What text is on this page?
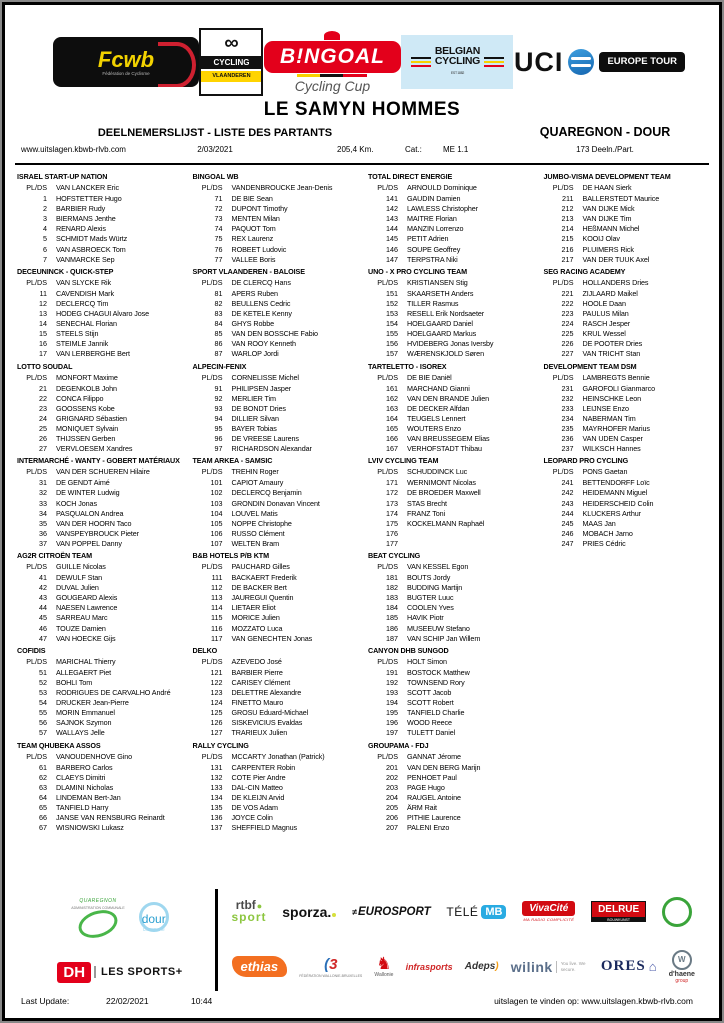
Fcwb
Fédération de Cyclisme
∞
CYCLING
VLAANDEREN
B!NGOAL
Cycling Cup
BELGIAN
CYCLING
EST 1882	UCI	EUROPE TOUR
LE SAMYN HOMMES
DEELNEMERSLIJST - LISTE DES PARTANTS	QUAREGNON - DOUR
www.uitslagen.kbwb-rlvb.com	2/03/2021	205,4 Km.	Cat.:	ME 1.1	173 Deeln./Part.
ISRAEL START-UP NATION
PL/DS VAN LANCKER Eric
1 HOFSTETTER Hugo
2 BARBIER Rudy
3 BIERMANS Jenthe
4 RENARD Alexis
5 SCHMIDT Mads Würtz
6 VAN ASBROECK Tom
7 VANMARCKE Sep
DECEUNINCK - QUICK-STEP
PL/DS VAN SLYCKE Rik
11 CAVENDISH Mark
12 DECLERCQ Tim
13 HODEG CHAGUI Alvaro Jose
14 SENECHAL Florian
15 STEELS Stijn
16 STEIMLE Jannik
17 VAN LERBERGHE Bert
LOTTO SOUDAL
PL/DS MONFORT Maxime
21 DEGENKOLB John
22 CONCA Filippo
23 GOOSSENS Kobe
24 GRIGNARD Sébastien
25 MONIQUET Sylvain
26 THIJSSEN Gerben
27 VERVLOESEM Xandres
INTERMARCHÉ - WANTY - GOBERT MATÉRIAUX
PL/DS VAN DER SCHUEREN Hilaire
31 DE GENDT Aimé
32 DE WINTER Ludwig
33 KOCH Jonas
34 PASQUALON Andrea
35 VAN DER HOORN Taco
36 VANSPEYBROUCK Pieter
37 VAN POPPEL Danny
AG2R CITROËN TEAM
PL/DS GUILLE Nicolas
41 DEWULF Stan
42 DUVAL Julien
43 GOUGEARD Alexis
44 NAESEN Lawrence
45 SARREAU Marc
46 TOUZE Damien
47 VAN HOECKE Gijs
COFIDIS
PL/DS MARICHAL Thierry
51 ALLEGAERT Piet
52 BOHLI Tom
53 RODRIGUES DE CARVALHO André
54 DRUCKER Jean-Pierre
55 MORIN Emmanuel
56 SAJNOK Szymon
57 WALLAYS Jelle
TEAM QHUBEKA ASSOS
PL/DS VANOUDENHOVE Gino
61 BARBERO Carlos
62 CLAEYS Dimitri
63 DLAMINI Nicholas
64 LINDEMAN Bert-Jan
65 TANFIELD Harry
66 JANSE VAN RENSBURG Reinardt
67 WISNIOWSKI Lukasz
BINGOAL WB
PL/DS VANDENBROUCKE Jean-Denis
71 DE BIE Sean
72 DUPONT Timothy
73 MENTEN Milan
74 PAQUOT Tom
75 REX Laurenz
76 ROBEET Ludovic
77 VALLEE Boris
SPORT VLAANDEREN - BALOISE
PL/DS DE CLERCQ Hans
81 APERS Ruben
82 BEULLENS Cedric
83 DE KETELE Kenny
84 GHYS Robbe
85 VAN DEN BOSSCHE Fabio
86 VAN ROOY Kenneth
87 WARLOP Jordi
ALPECIN-FENIX
PL/DS CORNELISSE Michel
91 PHILIPSEN Jasper
92 MERLIER Tim
93 DE BONDT Dries
94 DILLIER Silvan
95 BAYER Tobias
96 DE VREESE Laurens
97 RICHARDSON Alexandar
TEAM ARKEA - SAMSIC
PL/DS TREHIN Roger
101 CAPIOT Amaury
102 DECLERCQ Benjamin
103 GRONDIN Donavan Vincent
104 LOUVEL Matis
105 NOPPE Christophe
106 RUSSO Clément
107 WELTEN Bram
B&B HOTELS P/B KTM
PL/DS PAUCHARD Gilles
111 BACKAERT Frederik
112 DE BACKER Bert
113 JAUREGUI Quentin
114 LIETAER Eliot
115 MORICE Julien
116 MOZZATO Luca
117 VAN GENECHTEN Jonas
DELKO
PL/DS AZEVEDO José
121 BARBIER Pierre
122 CARISEY Clément
123 DELETTRE Alexandre
124 FINETTO Mauro
125 GROSU Eduard-Michael
126 SISKEVICIUS Evaldas
127 TRARIEUX Julien
RALLY CYCLING
PL/DS MCCARTY Jonathan (Patrick)
131 CARPENTER Robin
132 COTE Pier Andre
133 DAL-CIN Matteo
134 DE KLEIJN Arvid
135 DE VOS Adam
136 JOYCE Colin
137 SHEFFIELD Magnus
TOTAL DIRECT ENERGIE
PL/DS ARNOULD Dominique
141 GAUDIN Damien
142 LAWLESS Christopher
143 MAITRE Florian
144 MANZIN Lorrenzo
145 PETIT Adrien
146 SOUPE Geoffrey
147 TERPSTRA Niki
UNO - X PRO CYCLING TEAM
PL/DS KRISTIANSEN Stig
151 SKAARSETH Anders
152 TILLER Rasmus
153 RESELL Erik Nordsaeter
154 HOELGAARD Daniel
155 HOELGAARD Markus
156 HVIDEBERG Jonas Iversby
157 WÆRENSKJOLD Søren
TARTELETTO - ISOREX
PL/DS DE BIE Daniël
161 MARCHAND Gianni
162 VAN DEN BRANDE Julien
163 DE DECKER Alfdan
164 TEUGELS Lennert
165 WOUTERS Enzo
166 VAN BREUSSEGEM Elias
167 VERHOFSTADT Thibau
LVIV CYCLING TEAM
PL/DS SCHUDDINCK Luc
171 WERNIMONT Nicolas
172 DE BROEDER Maxwell
173 STAS Brecht
174 FRANZ Toni
175 KOCKELMANN Raphaël
176
177
BEAT CYCLING
PL/DS VAN KESSEL Egon
181 BOUTS Jordy
182 BUDDING Martijn
183 BUGTER Luuc
184 COOLEN Yves
185 HAVIK Piotr
186 MUSEEUW Stefano
187 VAN SCHIP Jan Willem
CANYON DHB SUNGOD
PL/DS HOLT Simon
191 BOSTOCK Matthew
192 TOWNSEND Rory
193 SCOTT Jacob
194 SCOTT Robert
195 TANFIELD Charlie
196 WOOD Reece
197 TULETT Daniel
GROUPAMA - FDJ
PL/DS GANNAT Jérome
201 VAN DEN BERG Marijn
202 PENHOET Paul
203 PAGE Hugo
204 RAUGEL Antoine
205 ÄRM Rait
206 PITHIE Laurence
207 PALENI Enzo
JUMBO-VISMA DEVELOPMENT TEAM
PL/DS DE HAAN Sierk
211 BALLERSTEDT Maurice
212 VAN DIJKE Mick
213 VAN DIJKE Tim
214 HEßMANN Michel
215 KOOIJ Olav
216 PLUIMERS Rick
217 VAN DER TUUK Axel
SEG RACING ACADEMY
PL/DS HOLLANDERS Dries
221 ZIJLAARD Maikel
222 HOOLE Daan
223 PAULUS Milan
224 RASCH Jesper
225 KRUL Wessel
226 DE POOTER Dries
227 VAN TRICHT Stan
DEVELOPMENT TEAM DSM
PL/DS LAMBREGTS Bennie
231 GAROFOLI Gianmarco
232 HEINSCHKE Leon
233 LEIJNSE Enzo
234 NABERMAN Tim
235 MAYRHOFER Marius
236 VAN UDEN Casper
237 WILKSCH Hannes
LEOPARD PRO CYCLING
PL/DS PONS Gaetan
241 BETTENDORFF Loïc
242 HEIDEMANN Miguel
243 HEIDERSCHEID Colin
244 KLUCKERS Arthur
245 MAAS Jan
246 MOBACH Jarno
247 PRIES Cédric
QUAREGNON
ADMINISTRATION COMMUNALE
dour
commune
DH	LES SPORTS+
rtbf ●
sport sporza.	≠ EUROSPORT TÉLÉ MB	VivaCité
MA RADIO COMPLICITÉ
DELRUE
BOUWKUNST
ethias	( 3
FÉDÉRATION WALLONIE-BRUXELLES
♞
Wallonie
infrasports Adeps ) wilink	You live. We secure.	ORES ⌂	W
d'haene
group
Last Update:	22/02/2021	10:44	uitslagen te vinden op: www.uitslagen.kbwb-rlvb.com
